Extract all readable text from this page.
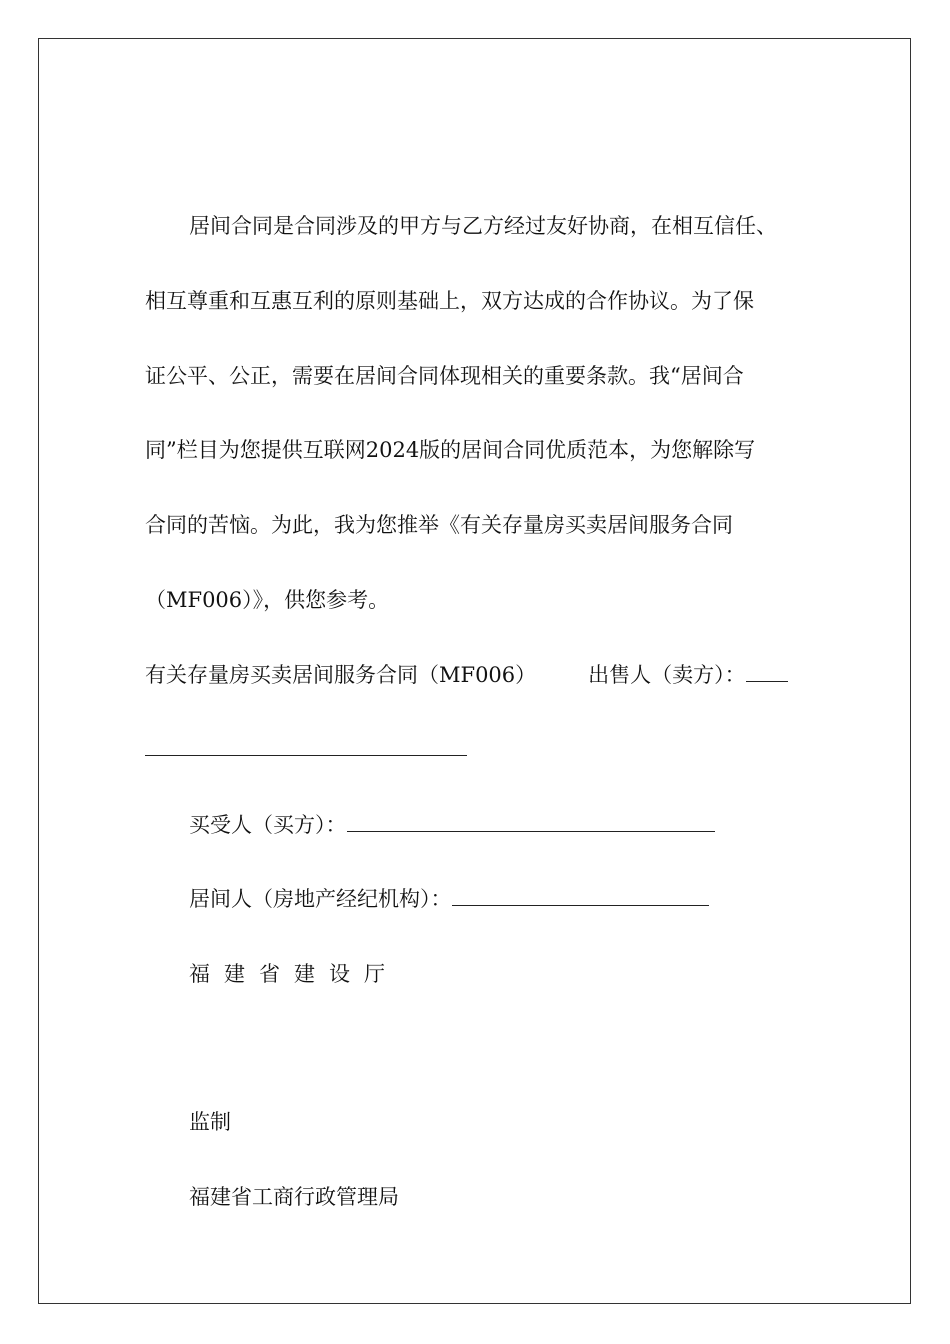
居间合同是合同涉及的甲方与乙方经过友好协商，在相互信任、
相互尊重和互惠互利的原则基础上，双方达成的合作协议。为了保
证公平、公正，需要在居间合同体现相关的重要条款。我“居间合
同”栏目为您提供互联网2024版的居间合同优质范本，为您解除写
合同的苦恼。为此，我为您推举《有关存量房买卖居间服务合同
（MF006）》，供您参考。
有关存量房买卖居间服务合同（MF006） 出售人（卖方）：
买受人（买方）：
居间人（房地产经纪机构）：
福建省建设厅
监制
福建省工商行政管理局
